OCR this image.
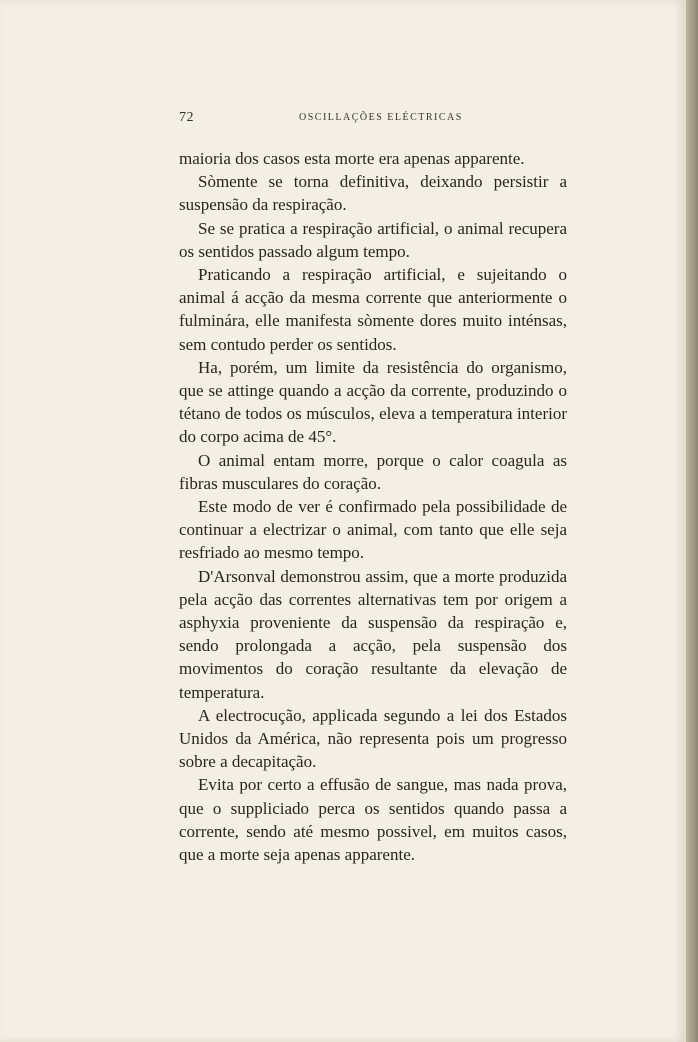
72	OSCILLAÇÕES ELÉCTRICAS

maioria dos casos esta morte era apenas apparente.

Sòmente se torna definitiva, deixando persistir a suspensão da respiração.

Se se pratica a respiração artificial, o animal recupera os sentidos passado algum tempo.

Praticando a respiração artificial, e sujeitando o animal á acção da mesma corrente que anteriormente o fulminára, elle manifesta sòmente dores muito inténsas, sem contudo perder os sentidos.

Ha, porém, um limite da resistência do organismo, que se attinge quando a acção da corrente, produzindo o tétano de todos os músculos, eleva a temperatura interior do corpo acima de 45°.

O animal entam morre, porque o calor coagula as fibras musculares do coração.

Este modo de ver é confirmado pela possibilidade de continuar a electrizar o animal, com tanto que elle seja resfriado ao mesmo tempo.

D'Arsonval demonstrou assim, que a morte produzida pela acção das correntes alternativas tem por origem a asphyxia proveniente da suspensão da respiração e, sendo prolongada a acção, pela suspensão dos movimentos do coração resultante da elevação de temperatura.

A electrocução, applicada segundo a lei dos Estados Unidos da América, não representa pois um progresso sobre a decapitação.

Evita por certo a effusão de sangue, mas nada prova, que o suppliciado perca os sentidos quando passa a corrente, sendo até mesmo possivel, em muitos casos, que a morte seja apenas apparente.
